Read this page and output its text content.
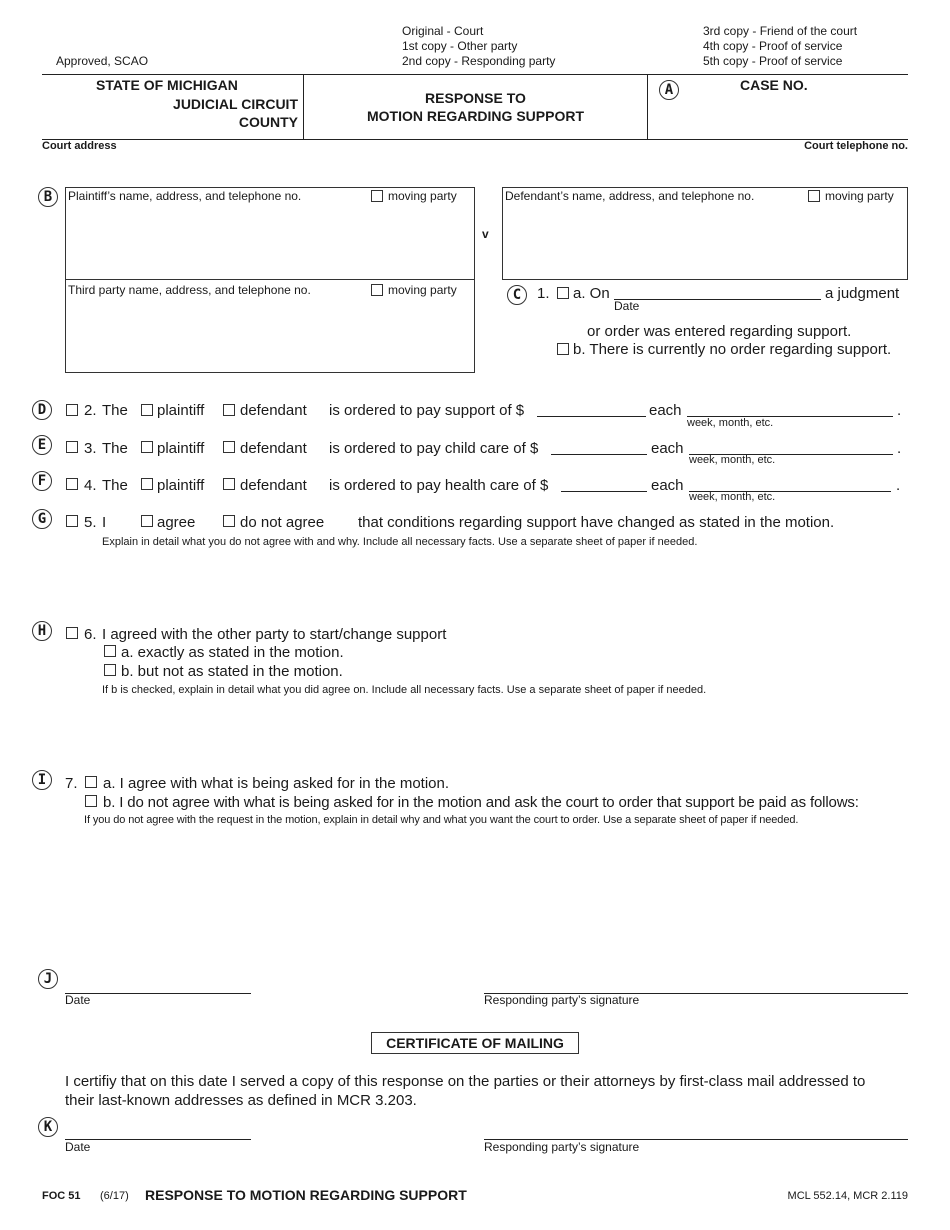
Approved, SCAO
Original - Court
1st copy - Other party
2nd copy - Responding party
3rd copy - Friend of the court
4th copy - Proof of service
5th copy - Proof of service
STATE OF MICHIGAN
JUDICIAL CIRCUIT
COUNTY
RESPONSE TO
MOTION REGARDING SUPPORT
A	CASE NO.
Court address	Court telephone no.
B	Plaintiff’s name, address, and telephone no.	moving party
Third party name, address, and telephone no.	moving party
v
Defendant’s name, address, and telephone no.	moving party
C	1. a. On
Date
a judgment
or order was entered regarding support.
b. There is currently no order regarding support.
D	2. The plaintiff defendant is ordered to pay support of $	each
week, month, etc.
.
E	3. The plaintiff defendant is ordered to pay child care of $	each
week, month, etc.
.
F	4. The plaintiff defendant is ordered to pay health care of $	each
week, month, etc.
.
G	5. I	agree	do not agree that conditions regarding support have changed as stated in the motion.
Explain in detail what you do not agree with and why. Include all necessary facts. Use a separate sheet of paper if needed.
H	6. I agreed with the other party to start/change support
a. exactly as stated in the motion.
b. but not as stated in the motion.
If b is checked, explain in detail what you did agree on. Include all necessary facts. Use a separate sheet of paper if needed.
I	7. a. I agree with what is being asked for in the motion.
b. I do not agree with what is being asked for in the motion and ask the court to order that support be paid as follows:
If you do not agree with the request in the motion, explain in detail why and what you want the court to order. Use a separate sheet of paper if needed.
J
Date	Responding party’s signature
CERTIFICATE OF MAILING
I certifiy that on this date I served a copy of this response on the parties or their attorneys by first-class mail addressed to
their last-known addresses as defined in MCR 3.203.
K
Date	Responding party’s signature
FOC 51 (6/17) RESPONSE TO MOTION REGARDING SUPPORT	MCL 552.14, MCR 2.119
